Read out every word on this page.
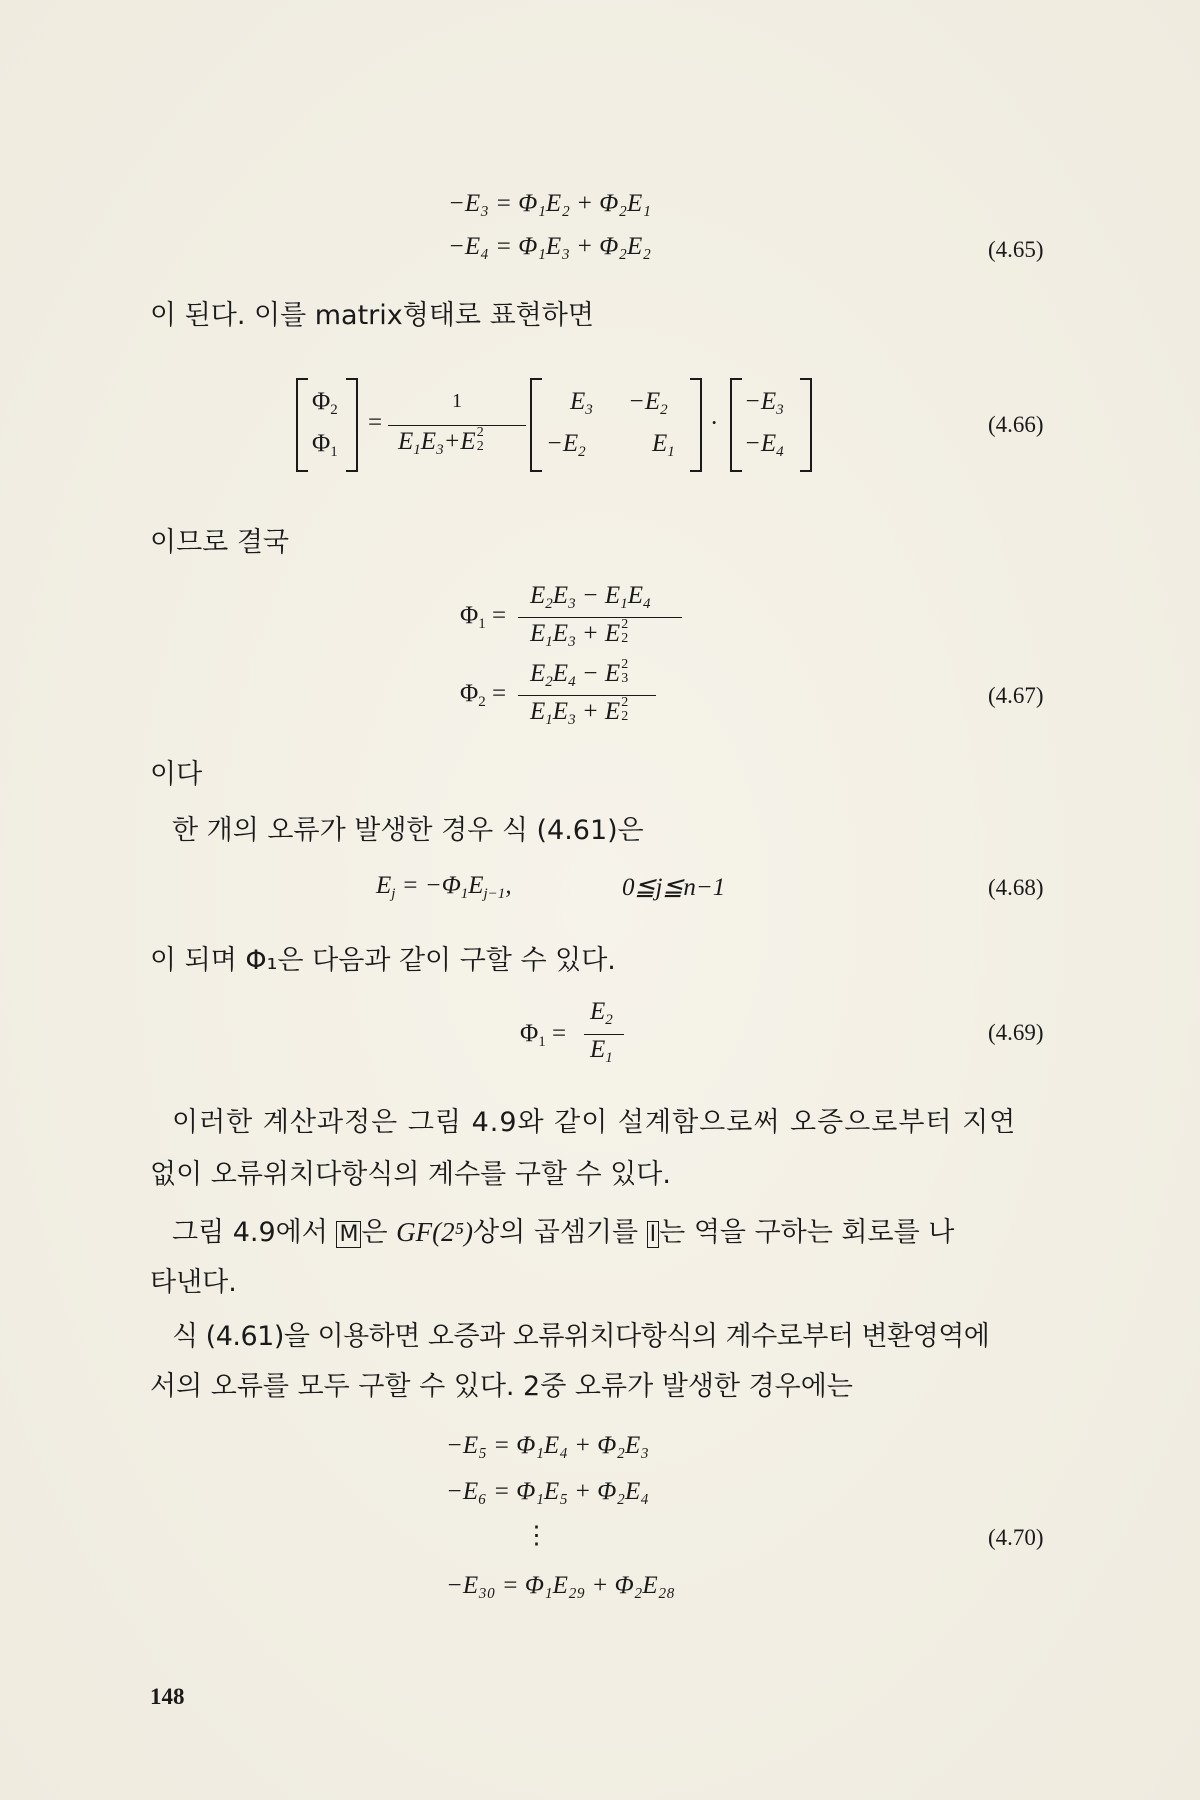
−E₃ = Φ₁E₂ + Φ₂E₁
−E₄ = Φ₁E₃ + Φ₂E₂	(4.65)
이 된다. 이를 matrix형태로 표현하면
$\Phi_2$
$\Phi_1$
=
1
$E_1E_3+E$ 2
2
$E_3 -E_2$
$-E_2$	$E_1$
·
$-E_3$
$-E_4$
(4.66)
이므로 결국
$\Phi_1$ =
$E_2E_3 - E_1E_4$
$E_1E_3 + E$ 2
2
$\Phi_2$ =
$E_2E_4 - E$ 2
3
$E_1E_3 + E$ 2
2
(4.67)
이다
한 개의 오류가 발생한 경우 식 (4.61)은
$E_j = -\Phi_1E_{j-1}$,	0≦j≦n−1	(4.68)
이 되며 Φ₁은 다음과 같이 구할 수 있다.
$\Phi_1$ =
$E_2$
$E_1$
(4.69)
이러한 계산과정은 그림 4.9와 같이 설계함으로써 오증으로부터 지연
없이 오류위치다항식의 계수를 구할 수 있다.
그림 4.9에서 M 은 GF(2⁵)상의 곱셈기를 I 는 역을 구하는 회로를 나
타낸다.
식 (4.61)을 이용하면 오증과 오류위치다항식의 계수로부터 변환영역에
서의 오류를 모두 구할 수 있다. 2중 오류가 발생한 경우에는
−E₅ = Φ₁E₄ + Φ₂E₃
−E₆ = Φ₁E₅ + Φ₂E₄
⋮
−E₃₀ = Φ₁E₂₉ + Φ₂E₂₈
(4.70)
148
